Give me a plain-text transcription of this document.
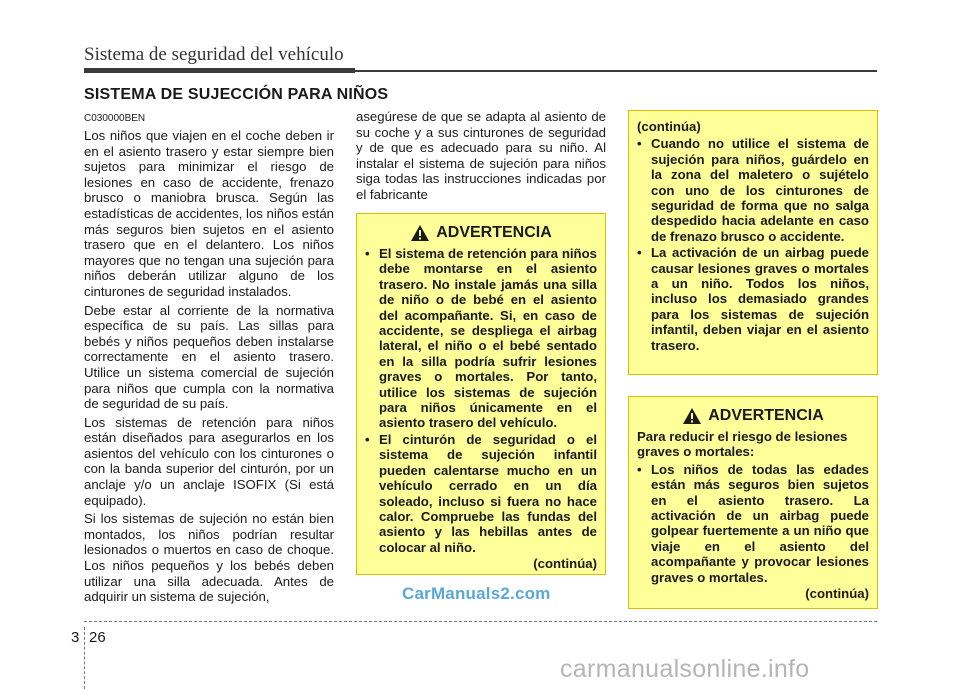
Sistema de seguridad del vehículo
SISTEMA DE SUJECCIÓN PARA NIÑOS
C030000BEN

Los niños que viajen en el coche deben ir en el asiento trasero y estar siempre bien sujetos para minimizar el riesgo de lesiones en caso de accidente, frenazo brusco o maniobra brusca. Según las estadísticas de accidentes, los niños están más seguros bien sujetos en el asiento trasero que en el delantero. Los niños mayores que no tengan una sujeción para niños deberán utilizar alguno de los cinturones de seguridad instalados.

Debe estar al corriente de la normativa específica de su país. Las sillas para bebés y niños pequeños deben instalarse correctamente en el asiento trasero. Utilice un sistema comercial de sujeción para niños que cumpla con la normativa de seguridad de su país.

Los sistemas de retención para niños están diseñados para asegurarlos en los asientos del vehículo con los cinturones o con la banda superior del cinturón, por un anclaje y/o un anclaje ISOFIX (Si está equipado).

Si los sistemas de sujeción no están bien montados, los niños podrían resultar lesionados o muertos en caso de choque. Los niños pequeños y los bebés deben utilizar una silla adecuada. Antes de adquirir un sistema de sujeción,

asegúrese de que se adapta al asiento de su coche y a sus cinturones de seguridad y de que es adecuado para su niño. Al instalar el sistema de sujeción para niños siga todas las instrucciones indicadas por el fabricante

ADVERTENCIA
• El sistema de retención para niños debe montarse en el asiento trasero. No instale jamás una silla de niño o de bebé en el asiento del acompañante. Si, en caso de accidente, se despliega el airbag lateral, el niño o el bebé sentado en la silla podría sufrir lesiones graves o mortales. Por tanto, utilice los sistemas de sujeción para niños únicamente en el asiento trasero del vehículo.
• El cinturón de seguridad o el sistema de sujeción infantil pueden calentarse mucho en un vehículo cerrado en un día soleado, incluso si fuera no hace calor. Compruebe las fundas del asiento y las hebillas antes de colocar al niño.
(continúa)
(continúa)
• Cuando no utilice el sistema de sujeción para niños, guárdelo en la zona del maletero o sujételo con uno de los cinturones de seguridad de forma que no salga despedido hacia adelante en caso de frenazo brusco o accidente.
• La activación de un airbag puede causar lesiones graves o mortales a un niño. Todos los niños, incluso los demasiado grandes para los sistemas de sujeción infantil, deben viajar en el asiento trasero.
ADVERTENCIA
Para reducir el riesgo de lesiones graves o mortales:
• Los niños de todas las edades están más seguros bien sujetos en el asiento trasero. La activación de un airbag puede golpear fuertemente a un niño que viaje en el asiento del acompañante y provocar lesiones graves o mortales.
(continúa)
CarManuals2.com
3 26
carmanualsonline.info
